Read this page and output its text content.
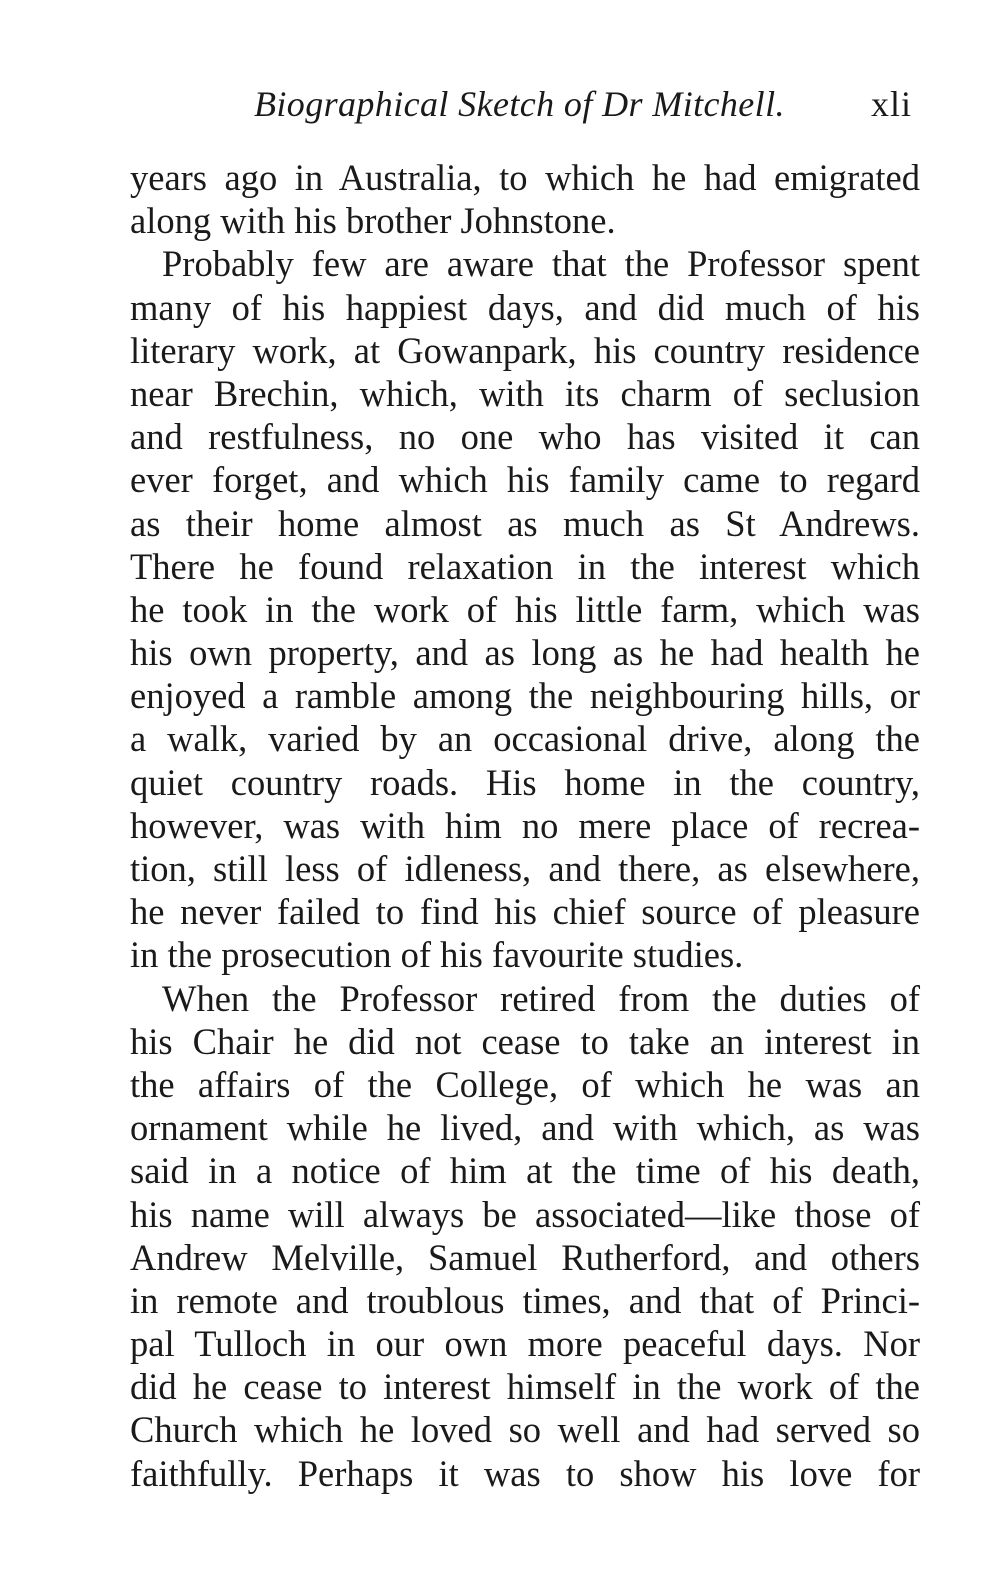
Biographical Sketch of Dr Mitchell. xli
years ago in Australia, to which he had emigrated
along with his brother Johnstone.
Probably few are aware that the Professor spent
many of his happiest days, and did much of his
literary work, at Gowanpark, his country residence
near Brechin, which, with its charm of seclusion
and restfulness, no one who has visited it can
ever forget, and which his family came to regard
as their home almost as much as St Andrews.
There he found relaxation in the interest which
he took in the work of his little farm, which was
his own property, and as long as he had health he
enjoyed a ramble among the neighbouring hills, or
a walk, varied by an occasional drive, along the
quiet country roads. His home in the country,
however, was with him no mere place of recrea-
tion, still less of idleness, and there, as elsewhere,
he never failed to find his chief source of pleasure
in the prosecution of his favourite studies.
When the Professor retired from the duties of
his Chair he did not cease to take an interest in
the affairs of the College, of which he was an
ornament while he lived, and with which, as was
said in a notice of him at the time of his death,
his name will always be associated—like those of
Andrew Melville, Samuel Rutherford, and others
in remote and troublous times, and that of Princi-
pal Tulloch in our own more peaceful days. Nor
did he cease to interest himself in the work of the
Church which he loved so well and had served so
faithfully. Perhaps it was to show his love for
